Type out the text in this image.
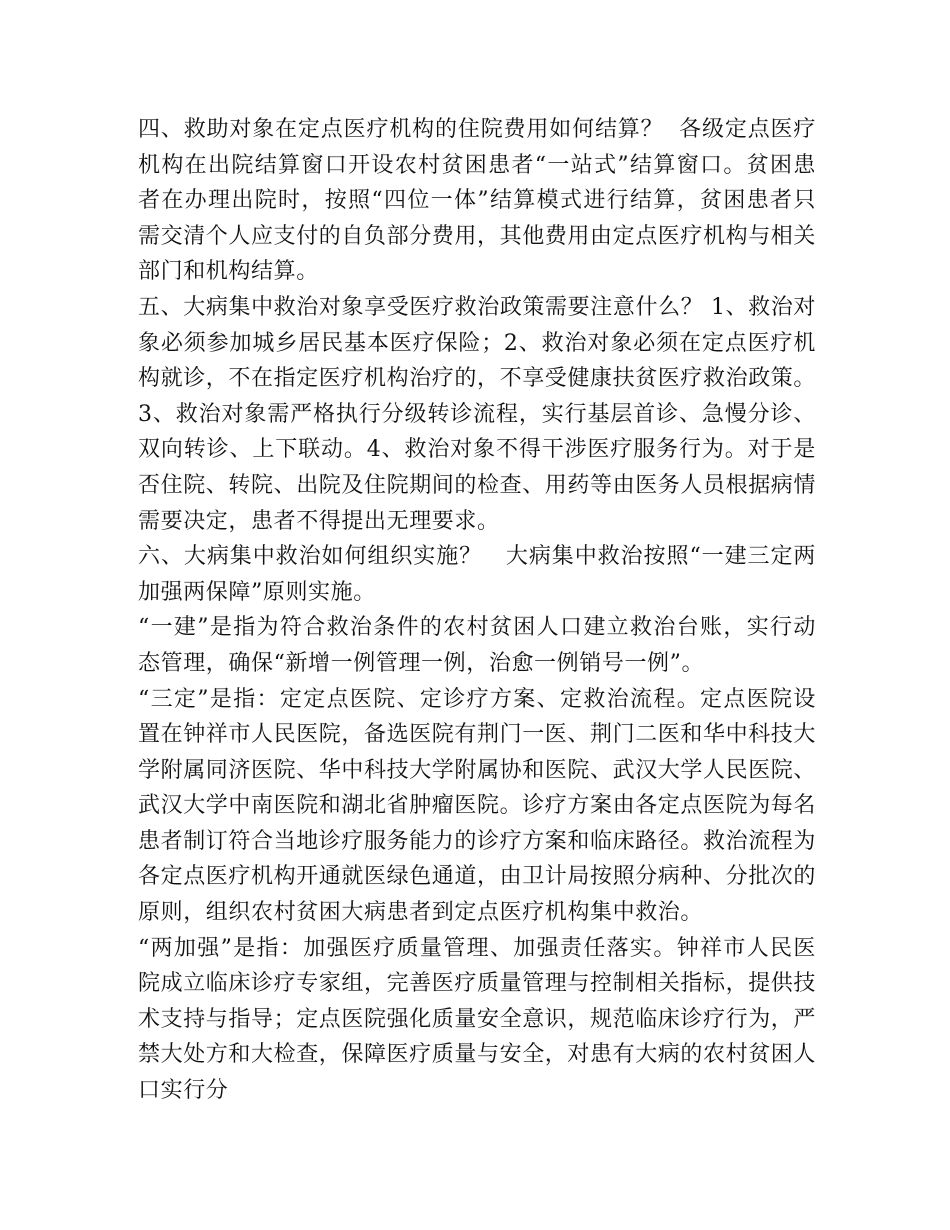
四、救助对象在定点医疗机构的住院费用如何结算？  各级定点医疗机构在出院结算窗口开设农村贫困患者“一站式”结算窗口。贫困患者在办理出院时，按照“四位一体”结算模式进行结算，贫困患者只需交清个人应支付的自负部分费用，其他费用由定点医疗机构与相关部门和机构结算。

五、大病集中救治对象享受医疗救治政策需要注意什么？ 1、救治对象必须参加城乡居民基本医疗保险；2、救治对象必须在定点医疗机构就诊，不在指定医疗机构治疗的，不享受健康扶贫医疗救治政策。3、救治对象需严格执行分级转诊流程，实行基层首诊、急慢分诊、双向转诊、上下联动。4、救治对象不得干涉医疗服务行为。对于是否住院、转院、出院及住院期间的检查、用药等由医务人员根据病情需要决定，患者不得提出无理要求。

六、大病集中救治如何组织实施？   大病集中救治按照“一建三定两加强两保障”原则实施。

“一建”是指为符合救治条件的农村贫困人口建立救治台账，实行动态管理，确保“新增一例管理一例，治愈一例销号一例”。

“三定”是指：定定点医院、定诊疗方案、定救治流程。定点医院设置在钟祥市人民医院，备选医院有荆门一医、荆门二医和华中科技大学附属同济医院、华中科技大学附属协和医院、武汉大学人民医院、武汉大学中南医院和湖北省肿瘤医院。诊疗方案由各定点医院为每名患者制订符合当地诊疗服务能力的诊疗方案和临床路径。救治流程为各定点医疗机构开通就医绿色通道，由卫计局按照分病种、分批次的原则，组织农村贫困大病患者到定点医疗机构集中救治。

“两加强”是指：加强医疗质量管理、加强责任落实。钟祥市人民医院成立临床诊疗专家组，完善医疗质量管理与控制相关指标，提供技术支持与指导；定点医院强化质量安全意识，规范临床诊疗行为，严禁大处方和大检查，保障医疗质量与安全，对患有大病的农村贫困人口实行分
